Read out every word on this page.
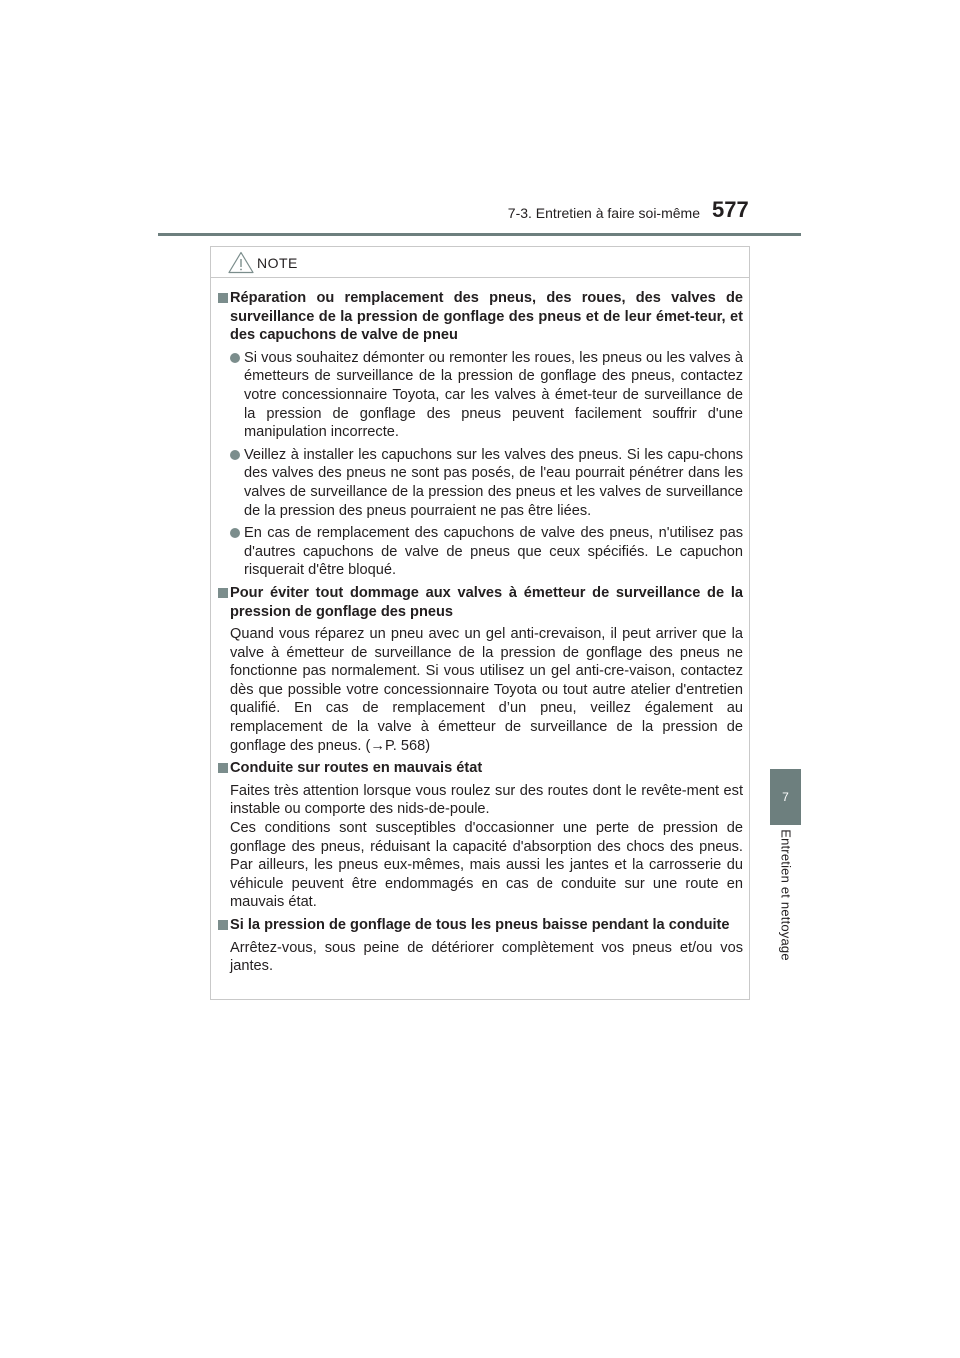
7-3. Entretien à faire soi-même 577
7
Entretien et nettoyage
NOTE
Réparation ou remplacement des pneus, des roues, des valves de surveillance de la pression de gonflage des pneus et de leur émet-teur, et des capuchons de valve de pneu
Si vous souhaitez démonter ou remonter les roues, les pneus ou les valves à émetteurs de surveillance de la pression de gonflage des pneus, contactez votre concessionnaire Toyota, car les valves à émet-teur de surveillance de la pression de gonflage des pneus peuvent facilement souffrir d'une manipulation incorrecte.
Veillez à installer les capuchons sur les valves des pneus. Si les capu-chons des valves des pneus ne sont pas posés, de l'eau pourrait pénétrer dans les valves de surveillance de la pression des pneus et les valves de surveillance de la pression des pneus pourraient ne pas être liées.
En cas de remplacement des capuchons de valve des pneus, n'utilisez pas d'autres capuchons de valve de pneus que ceux spécifiés. Le capuchon risquerait d'être bloqué.
Pour éviter tout dommage aux valves à émetteur de surveillance de la pression de gonflage des pneus
Quand vous réparez un pneu avec un gel anti-crevaison, il peut arriver que la valve à émetteur de surveillance de la pression de gonflage des pneus ne fonctionne pas normalement. Si vous utilisez un gel anti-cre-vaison, contactez dès que possible votre concessionnaire Toyota ou tout autre atelier d'entretien qualifié. En cas de remplacement d’un pneu, veillez également au remplacement de la valve à émetteur de surveillance de la pression de gonflage des pneus. (→P. 568)
Conduite sur routes en mauvais état
Faites très attention lorsque vous roulez sur des routes dont le revête-ment est instable ou comporte des nids-de-poule.
Ces conditions sont susceptibles d'occasionner une perte de pression de gonflage des pneus, réduisant la capacité d'absorption des chocs des pneus. Par ailleurs, les pneus eux-mêmes, mais aussi les jantes et la carrosserie du véhicule peuvent être endommagés en cas de conduite sur une route en mauvais état.
Si la pression de gonflage de tous les pneus baisse pendant la conduite
Arrêtez-vous, sous peine de détériorer complètement vos pneus et/ou vos jantes.
